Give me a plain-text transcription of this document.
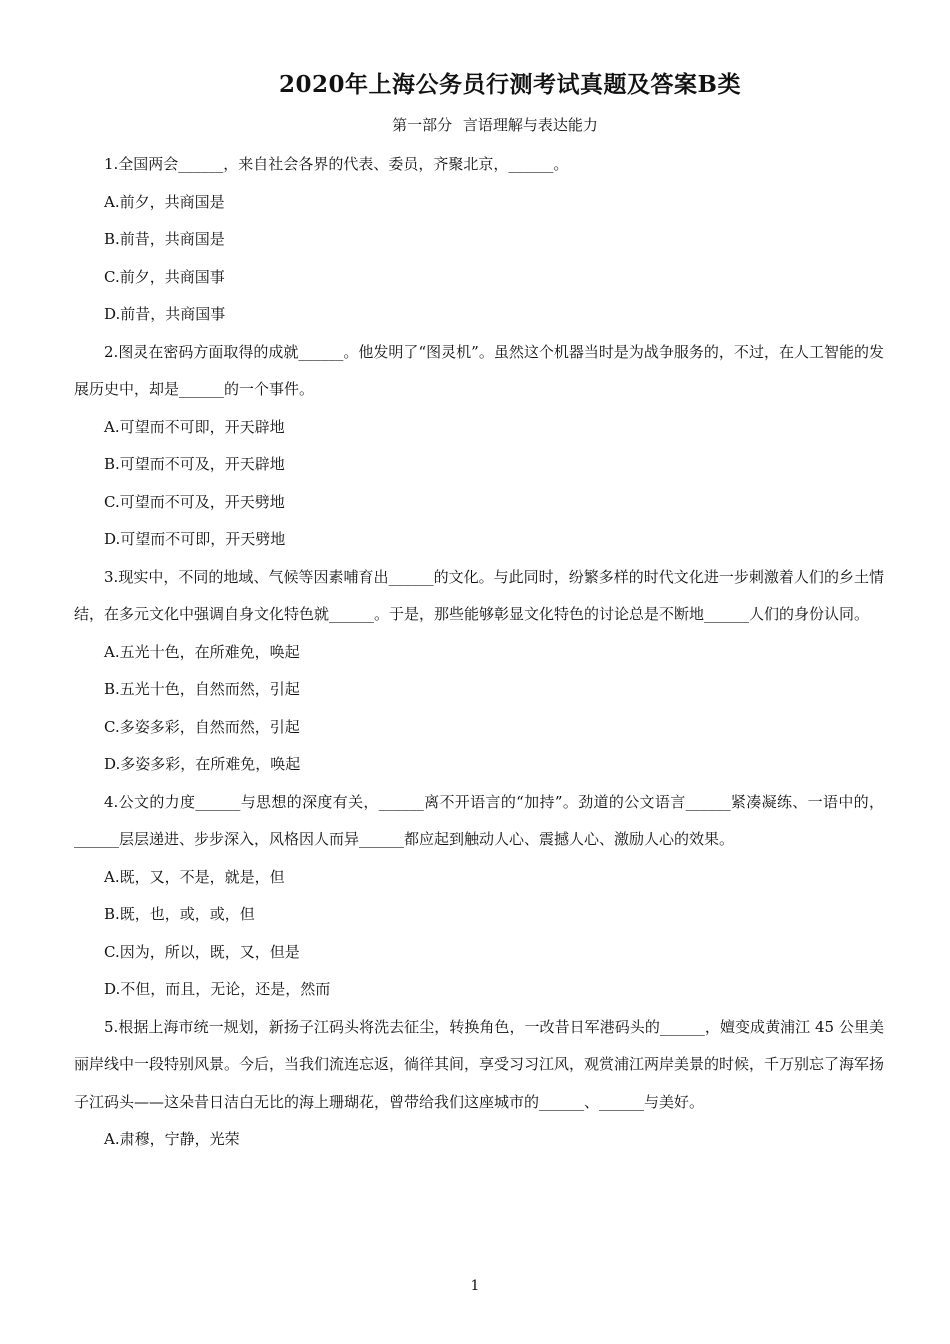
2020年上海公务员行测考试真题及答案B类
第一部分 言语理解与表达能力

1.全国两会______，来自社会各界的代表、委员，齐聚北京，______。

A.前夕，共商国是

B.前昔，共商国是

C.前夕，共商国事

D.前昔，共商国事

2.图灵在密码方面取得的成就______。他发明了“图灵机”。虽然这个机器当时是为战争服务的，不过，在人工智能的发展历史中，却是______的一个事件。

A.可望而不可即，开天辟地

B.可望而不可及，开天辟地

C.可望而不可及，开天劈地

D.可望而不可即，开天劈地

3.现实中，不同的地域、气候等因素哺育出______的文化。与此同时，纷繁多样的时代文化进一步刺激着人们的乡土情结，在多元文化中强调自身文化特色就______。于是，那些能够彰显文化特色的讨论总是不断地______人们的身份认同。

A.五光十色，在所难免，唤起

B.五光十色，自然而然，引起

C.多姿多彩，自然而然，引起

D.多姿多彩，在所难免，唤起

4.公文的力度______与思想的深度有关，______离不开语言的“加持”。劲道的公文语言______紧凑凝练、一语中的，______层层递进、步步深入，风格因人而异______都应起到触动人心、震撼人心、激励人心的效果。

A.既，又，不是，就是，但

B.既，也，或，或，但

C.因为，所以，既，又，但是

D.不但，而且，无论，还是，然而

5.根据上海市统一规划，新扬子江码头将洗去征尘，转换角色，一改昔日军港码头的______，嬗变成黄浦江 45 公里美丽岸线中一段特别风景。今后，当我们流连忘返，徜徉其间，享受习习江风，观赏浦江两岸美景的时候，千万别忘了海军扬子江码头——这朵昔日洁白无比的海上珊瑚花，曾带给我们这座城市的______、______与美好。

A.肃穆，宁静，光荣

1
